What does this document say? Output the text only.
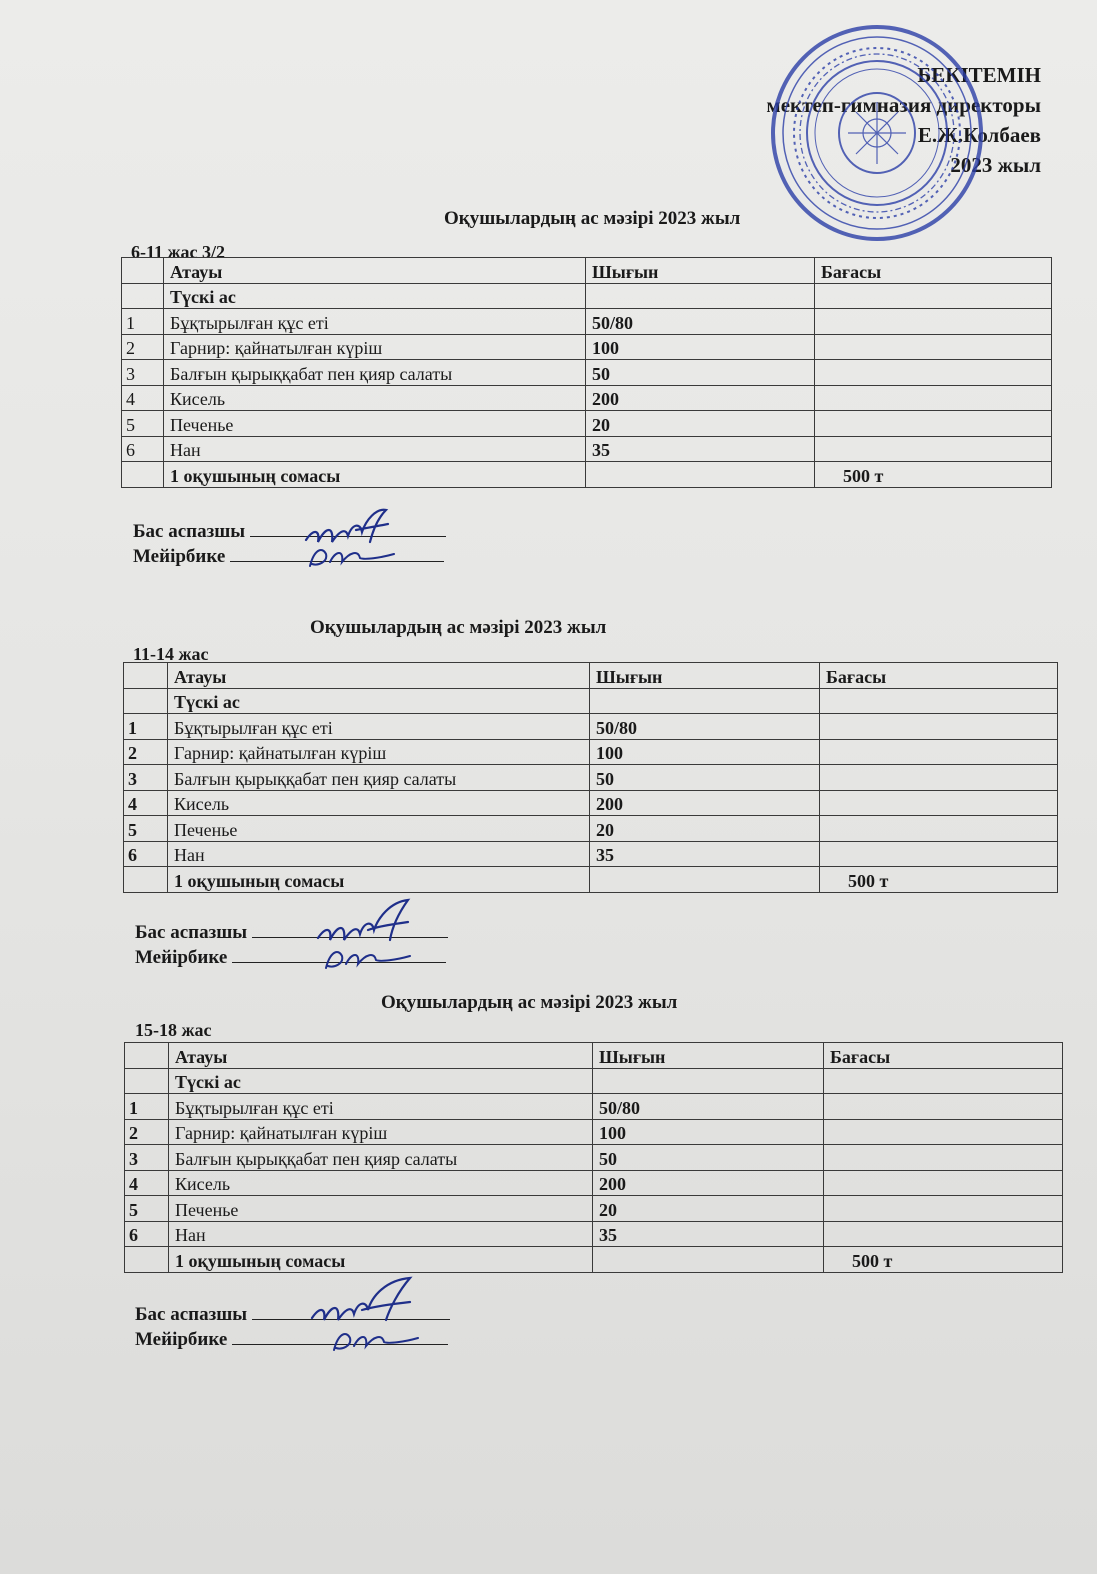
БЕКІТЕМІН
мектеп-гимназия директоры
Е.Ж.Колбаев
2023 жыл
Оқушылардың ас мәзірі 2023 жыл
6-11 жас 3/2
	Атауы	Шығын	Бағасы
	Түскі ас		
1	Бұқтырылған құс еті	50/80	
2	Гарнир: қайнатылған күріш	100	
3	Балғын қырыққабат пен қияр салаты	50	
4	Кисель	200	
5	Печенье	20	
6	Нан	35	
	1 оқушының сомасы		500 т
Бас аспазшы
Мейірбике
Оқушылардың ас мәзірі 2023 жыл
11-14 жас
	Атауы	Шығын	Бағасы
	Түскі ас		
1	Бұқтырылған құс еті	50/80	
2	Гарнир: қайнатылған күріш	100	
3	Балғын қырыққабат пен қияр салаты	50	
4	Кисель	200	
5	Печенье	20	
6	Нан	35	
	1 оқушының сомасы		500 т
Бас аспазшы
Мейірбике
Оқушылардың ас мәзірі 2023 жыл
15-18 жас
	Атауы	Шығын	Бағасы
	Түскі ас		
1	Бұқтырылған құс еті	50/80	
2	Гарнир: қайнатылған күріш	100	
3	Балғын қырыққабат пен қияр салаты	50	
4	Кисель	200	
5	Печенье	20	
6	Нан	35	
	1 оқушының сомасы		500 т
Бас аспазшы
Мейірбике
